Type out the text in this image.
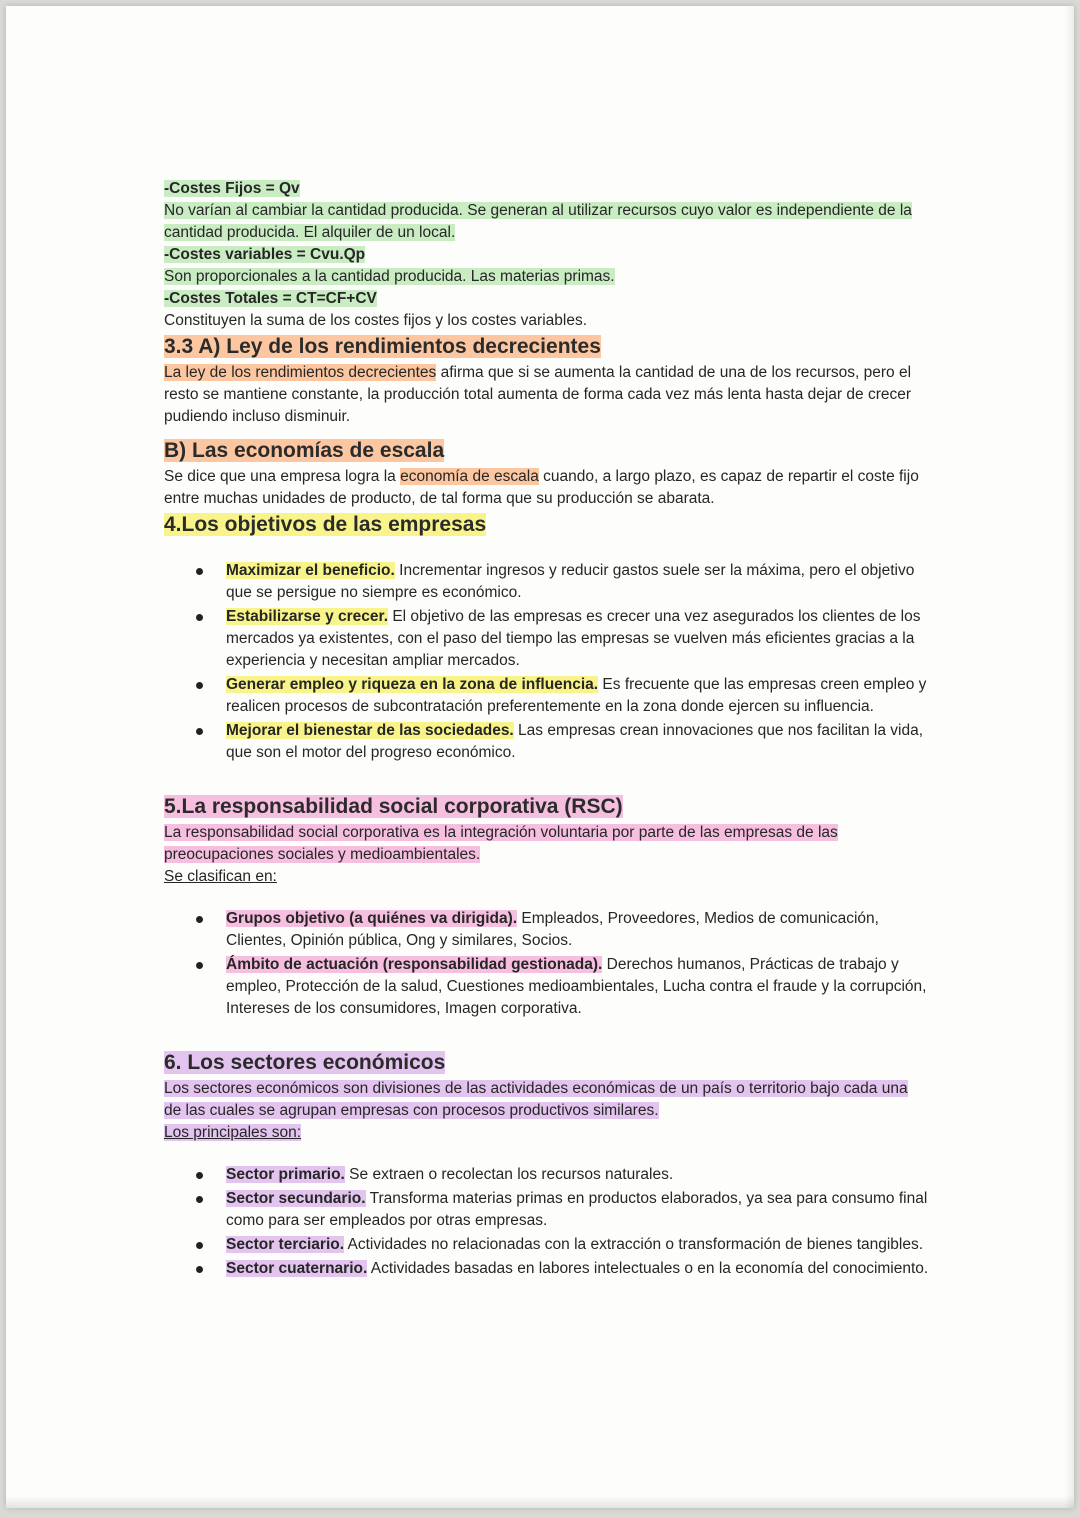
-Costes Fijos = Qv

No varían al cambiar la cantidad producida. Se generan al utilizar recursos cuyo valor es independiente de la cantidad producida. El alquiler de un local.

-Costes variables = Cvu.Qp

Son proporcionales a la cantidad producida. Las materias primas.

-Costes Totales = CT=CF+CV

Constituyen la suma de los costes fijos y los costes variables.

3.3 A) Ley de los rendimientos decrecientes

La ley de los rendimientos decrecientes afirma que si se aumenta la cantidad de una de los recursos, pero el resto se mantiene constante, la producción total aumenta de forma cada vez más lenta hasta dejar de crecer pudiendo incluso disminuir.

B) Las economías de escala

Se dice que una empresa logra la economía de escala cuando, a largo plazo, es capaz de repartir el coste fijo entre muchas unidades de producto, de tal forma que su producción se abarata.

4.Los objetivos de las empresas
Maximizar el beneficio. Incrementar ingresos y reducir gastos suele ser la máxima, pero el objetivo que se persigue no siempre es económico.
Estabilizarse y crecer. El objetivo de las empresas es crecer una vez asegurados los clientes de los mercados ya existentes, con el paso del tiempo las empresas se vuelven más eficientes gracias a la experiencia y necesitan ampliar mercados.
Generar empleo y riqueza en la zona de influencia. Es frecuente que las empresas creen empleo y realicen procesos de subcontratación preferentemente en la zona donde ejercen su influencia.
Mejorar el bienestar de las sociedades. Las empresas crean innovaciones que nos facilitan la vida, que son el motor del progreso económico.
5.La responsabilidad social corporativa (RSC)

La responsabilidad social corporativa es la integración voluntaria por parte de las empresas de las preocupaciones sociales y medioambientales.

Se clasifican en:

Grupos objetivo (a quiénes va dirigida). Empleados, Proveedores, Medios de comunicación, Clientes, Opinión pública, Ong y similares, Socios.
Ámbito de actuación (responsabilidad gestionada). Derechos humanos, Prácticas de trabajo y empleo, Protección de la salud, Cuestiones medioambientales, Lucha contra el fraude y la corrupción, Intereses de los consumidores, Imagen corporativa.
6. Los sectores económicos

Los sectores económicos son divisiones de las actividades económicas de un país o territorio bajo cada una de las cuales se agrupan empresas con procesos productivos similares.

Los principales son:

Sector primario. Se extraen o recolectan los recursos naturales.
Sector secundario. Transforma materias primas en productos elaborados, ya sea para consumo final como para ser empleados por otras empresas.
Sector terciario. Actividades no relacionadas con la extracción o transformación de bienes tangibles.
Sector cuaternario. Actividades basadas en labores intelectuales o en la economía del conocimiento.
